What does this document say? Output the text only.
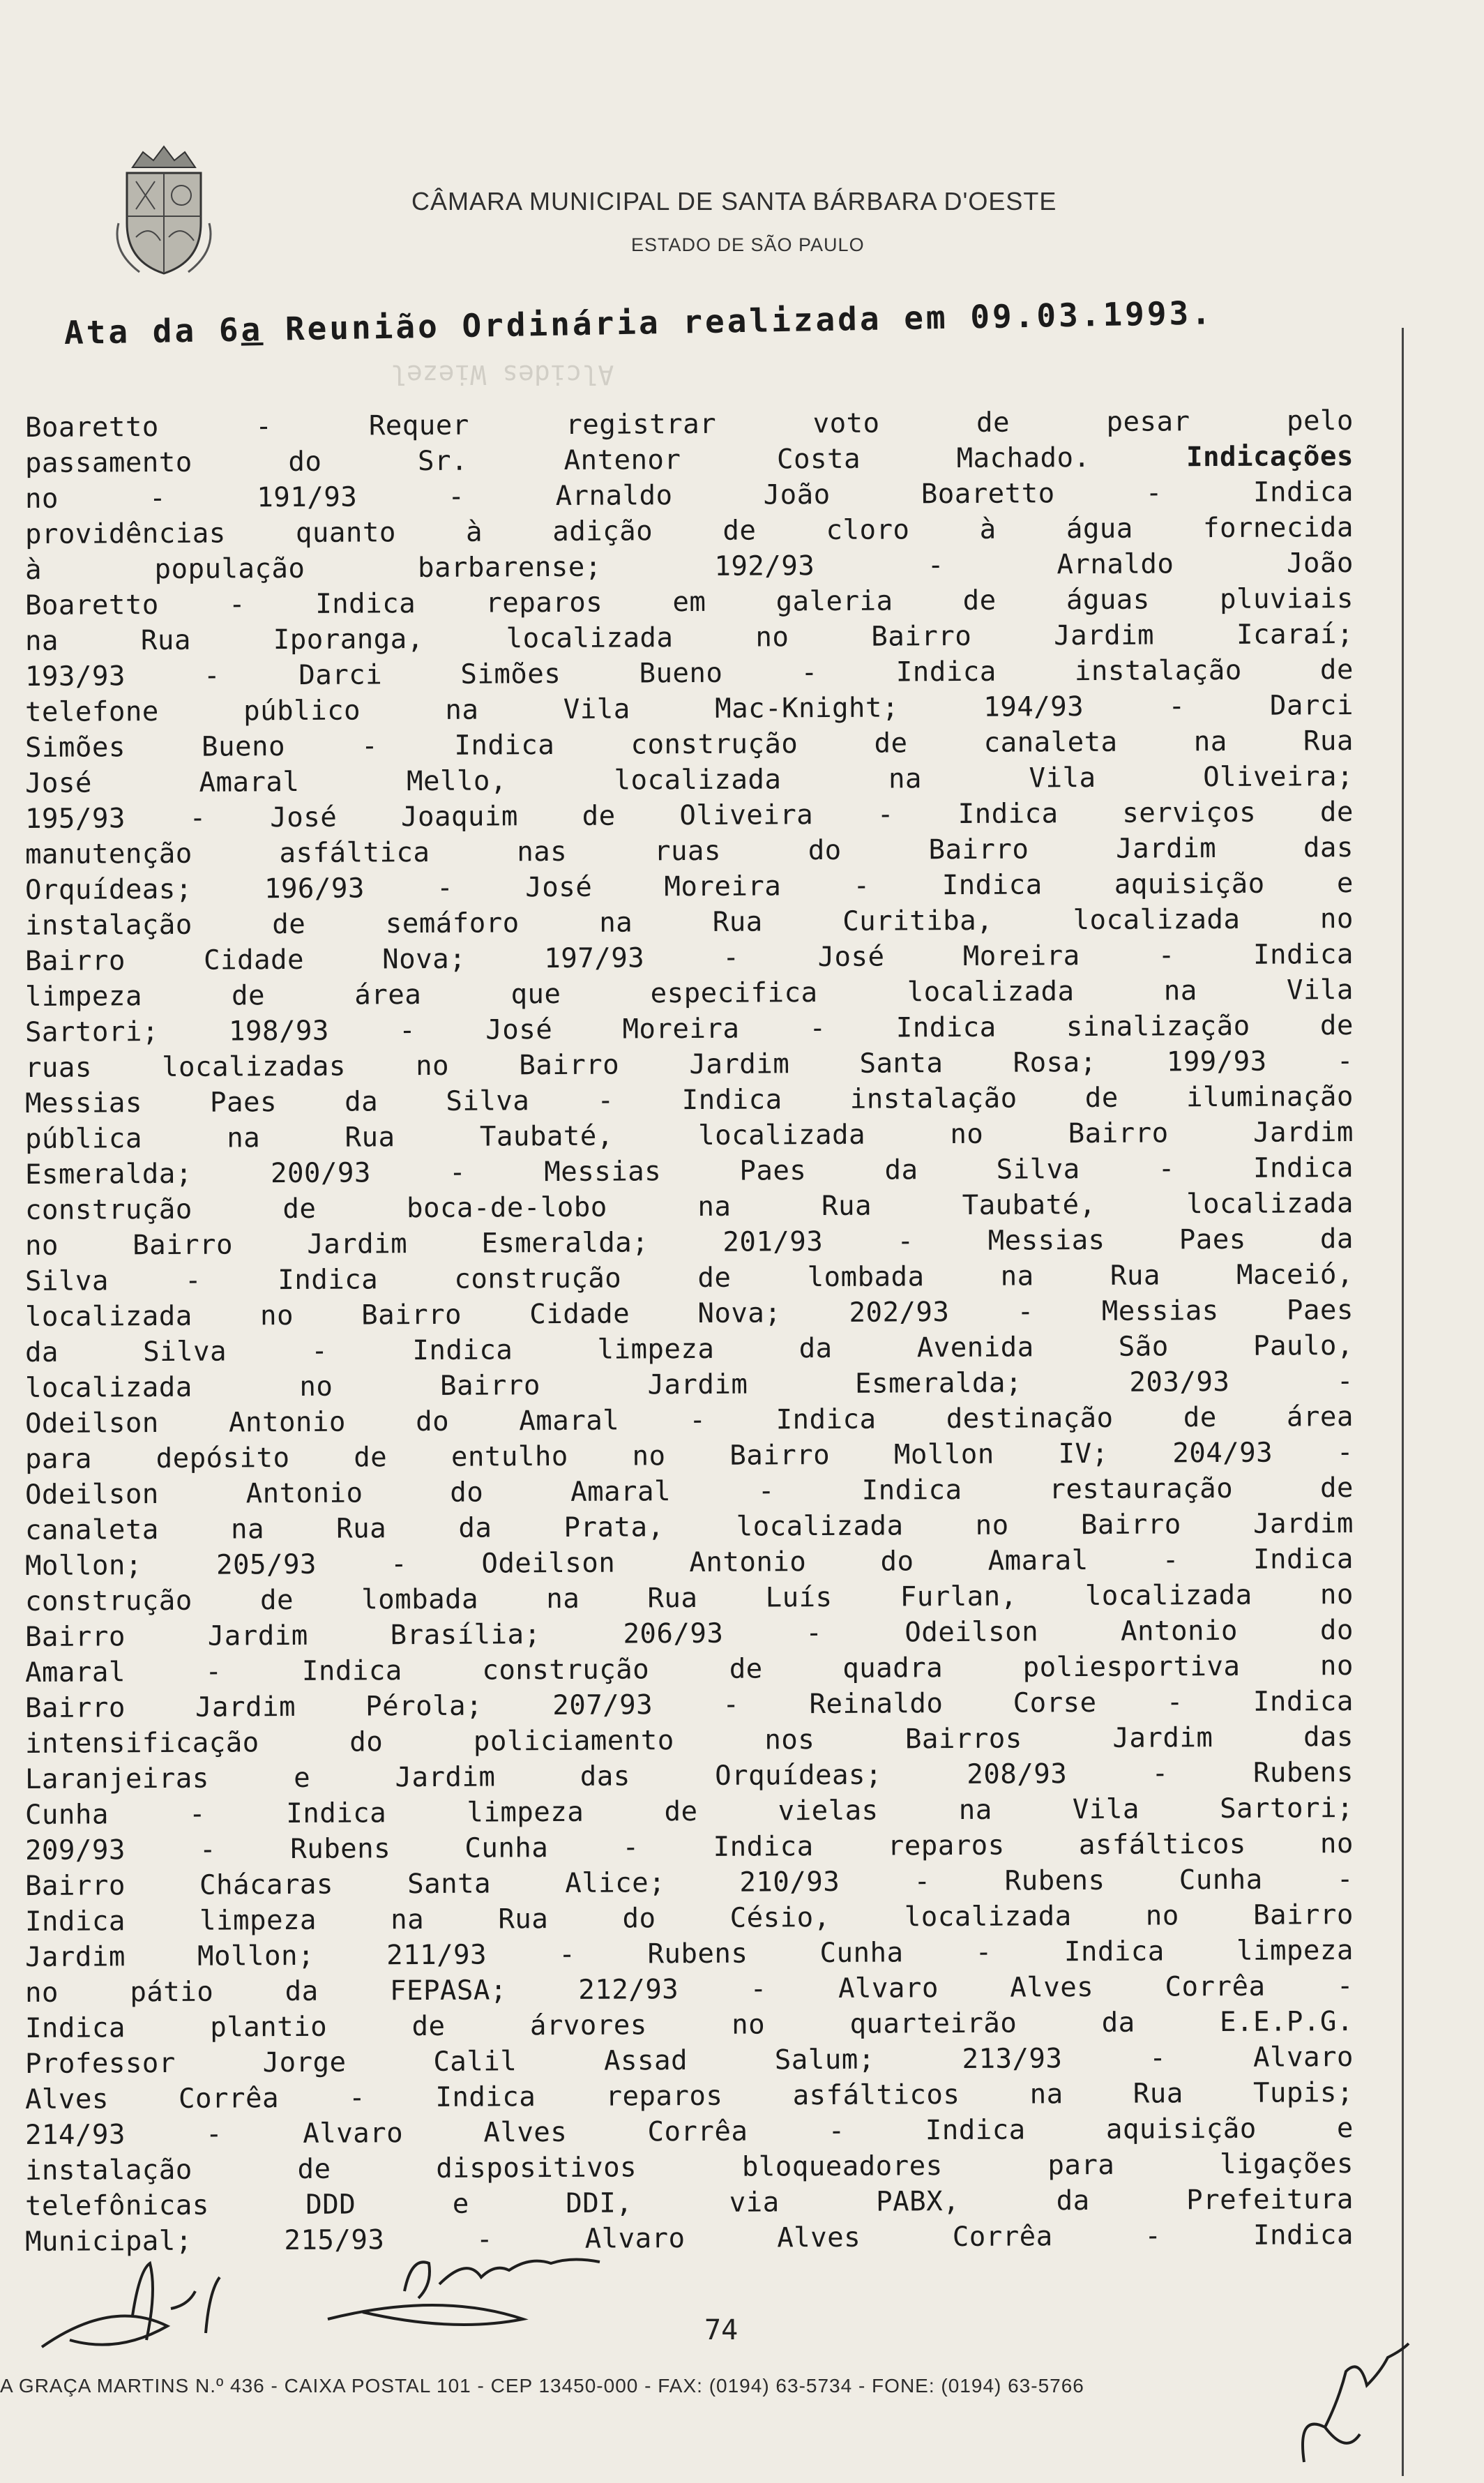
CÂMARA MUNICIPAL DE SANTA BÁRBARA D'OESTE
ESTADO DE SÃO PAULO
Ata da 6a Reunião Ordinária realizada em 09.03.1993.
Alcides Wiezel
Boaretto	-	Requer	registrar	voto	de	pesar	pelo
passamento	do	Sr.	Antenor	Costa	Machado.	Indicações
no	-	191/93	-	Arnaldo	João	Boaretto	-	Indica
providências	quanto	à	adição	de	cloro	à	água	fornecida
à	população	barbarense;	192/93	-	Arnaldo	João
Boaretto	-	Indica	reparos	em	galeria	de	águas	pluviais
na	Rua	Iporanga,	localizada	no	Bairro	Jardim	Icaraí;
193/93	-	Darci	Simões	Bueno	-	Indica	instalação	de
telefone	público	na	Vila	Mac-Knight;	194/93	-	Darci
Simões	Bueno	-	Indica	construção	de	canaleta	na	Rua
José	Amaral	Mello,	localizada	na	Vila	Oliveira;
195/93 - José Joaquim de Oliveira - Indica serviços de
manutenção	asfáltica	nas	ruas	do	Bairro	Jardim	das
Orquídeas;	196/93	-	José	Moreira	-	Indica	aquisição	e
instalação	de	semáforo	na	Rua	Curitiba,	localizada	no
Bairro	Cidade	Nova;	197/93	-	José	Moreira	-	Indica
limpeza	de	área	que	especifica	localizada	na	Vila
Sartori;	198/93	-	José	Moreira	-	Indica	sinalização	de
ruas	localizadas	no	Bairro	Jardim	Santa	Rosa;	199/93	-
Messias Paes da Silva - Indica instalação de iluminação
pública	na	Rua	Taubaté,	localizada	no	Bairro	Jardim
Esmeralda;	200/93	-	Messias	Paes	da	Silva	-	Indica
construção	de	boca-de-lobo	na	Rua	Taubaté,	localizada
no	Bairro	Jardim	Esmeralda;	201/93	-	Messias	Paes	da
Silva	-	Indica	construção	de	lombada	na	Rua	Maceió,
localizada no Bairro Cidade Nova; 202/93 - Messias Paes
da	Silva	-	Indica	limpeza	da	Avenida	São	Paulo,
localizada	no	Bairro	Jardim	Esmeralda;	203/93	-
Odeilson	Antonio	do	Amaral	-	Indica	destinação	de	área
para depósito de entulho no Bairro Mollon IV; 204/93 -
Odeilson	Antonio	do	Amaral	-	Indica	restauração	de
canaleta	na	Rua	da	Prata,	localizada	no	Bairro	Jardim
Mollon;	205/93	-	Odeilson	Antonio	do	Amaral	-	Indica
construção de lombada na Rua Luís Furlan, localizada no
Bairro	Jardim	Brasília;	206/93	-	Odeilson	Antonio	do
Amaral	-	Indica	construção	de	quadra	poliesportiva	no
Bairro	Jardim	Pérola;	207/93	-	Reinaldo	Corse	-	Indica
intensificação	do	policiamento	nos	Bairros	Jardim	das
Laranjeiras	e	Jardim	das	Orquídeas;	208/93	-	Rubens
Cunha	-	Indica	limpeza	de	vielas	na	Vila	Sartori;
209/93	-	Rubens	Cunha	-	Indica	reparos	asfálticos	no
Bairro	Chácaras	Santa	Alice;	210/93	-	Rubens	Cunha	-
Indica	limpeza	na	Rua	do	Césio,	localizada	no	Bairro
Jardim	Mollon;	211/93	-	Rubens	Cunha	-	Indica	limpeza
no	pátio	da	FEPASA;	212/93	-	Alvaro	Alves	Corrêa	-
Indica	plantio	de	árvores	no	quarteirão	da	E.E.P.G.
Professor	Jorge	Calil	Assad	Salum;	213/93	-	Alvaro
Alves	Corrêa	-	Indica	reparos	asfálticos	na	Rua	Tupis;
214/93	-	Alvaro	Alves	Corrêa	-	Indica	aquisição	e
instalação	de	dispositivos	bloqueadores	para	ligações
telefônicas	DDD	e	DDI,	via	PABX,	da	Prefeitura
Municipal;	215/93	-	Alvaro	Alves	Corrêa	-	Indica
74
A GRAÇA MARTINS N.º 436 - CAIXA POSTAL 101 - CEP 13450-000 - FAX: (0194) 63-5734 - FONE: (0194) 63-5766
